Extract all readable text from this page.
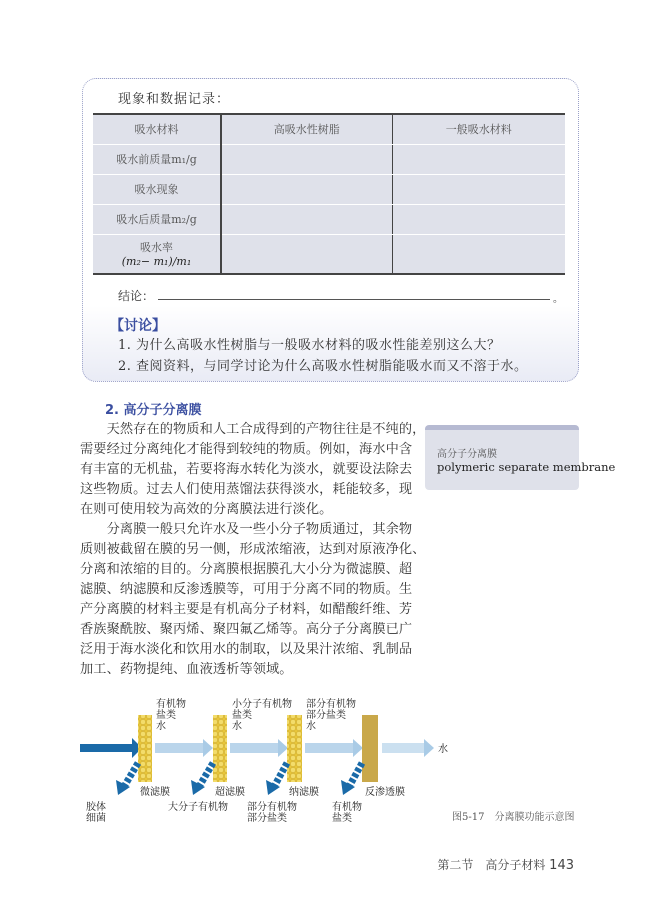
现象和数据记录：
吸水材料	高吸水性树脂	一般吸水材料
吸水前质量m₁/g		
吸水现象		
吸水后质量m₂/g		

吸水率
(m₂− m₁)/m₁		

结论：	。
【讨论】
1. 为什么高吸水性树脂与一般吸水材料的吸水性能差别这么大？
2. 查阅资料，与同学讨论为什么高吸水性树脂能吸水而又不溶于水。
2. 高分子分离膜
　　天然存在的物质和人工合成得到的产物往往是不纯的，
需要经过分离纯化才能得到较纯的物质。例如，海水中含
有丰富的无机盐，若要将海水转化为淡水，就要设法除去
这些物质。过去人们使用蒸馏法获得淡水，耗能较多，现
在则可使用较为高效的分离膜法进行淡化。
　　分离膜一般只允许水及一些小分子物质通过，其余物
质则被截留在膜的另一侧，形成浓缩液，达到对原液净化、
分离和浓缩的目的。分离膜根据膜孔大小分为微滤膜、超
滤膜、纳滤膜和反渗透膜等，可用于分离不同的物质。生
产分离膜的材料主要是有机高分子材料，如醋酸纤维、芳
香族聚酰胺、聚丙烯、聚四氟乙烯等。高分子分离膜已广
泛用于海水淡化和饮用水的制取，以及果汁浓缩、乳制品
加工、药物提纯、血液透析等领域。
高分子分离膜
polymeric separate membrane
有机物盐类水
小分子有机物盐类水
部分有机物部分盐类水
水
微滤膜	超滤膜	纳滤膜	反渗透膜
胶体细菌
大分子有机物 部分有机物部分盐类
有机物盐类	图5-17　分离膜功能示意图
第二节　高分子材料 143
